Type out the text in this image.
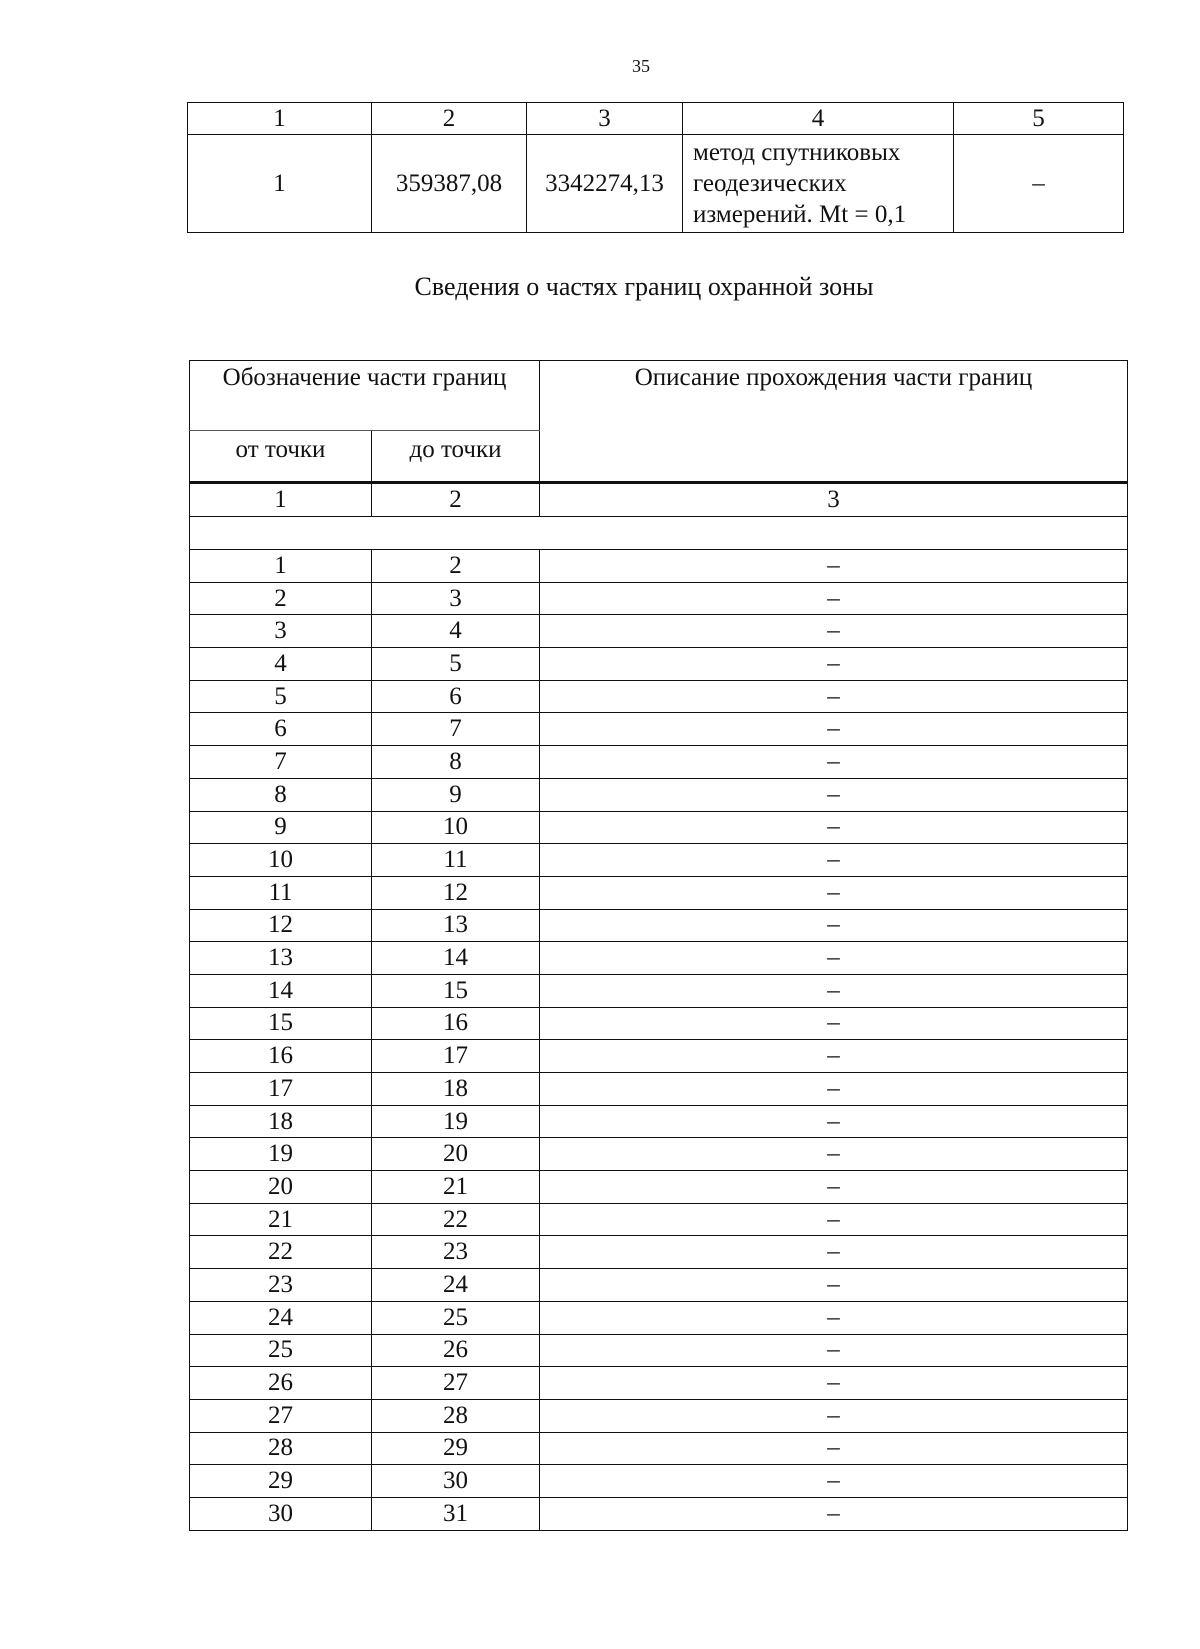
35
1	2	3	4	5
1	359387,08	3342274,13	метод спутниковых
геодезических
измерений. Mt = 0,1	–
Сведения о частях границ охранной зоны
Обозначение части границ		Описание прохождения части границ
от точки	до точки	
1	2	3

1	2	–
2	3	–
3	4	–
4	5	–
5	6	–
6	7	–
7	8	–
8	9	–
9	10	–
10	11	–
11	12	–
12	13	–
13	14	–
14	15	–
15	16	–
16	17	–
17	18	–
18	19	–
19	20	–
20	21	–
21	22	–
22	23	–
23	24	–
24	25	–
25	26	–
26	27	–
27	28	–
28	29	–
29	30	–
30	31	–
